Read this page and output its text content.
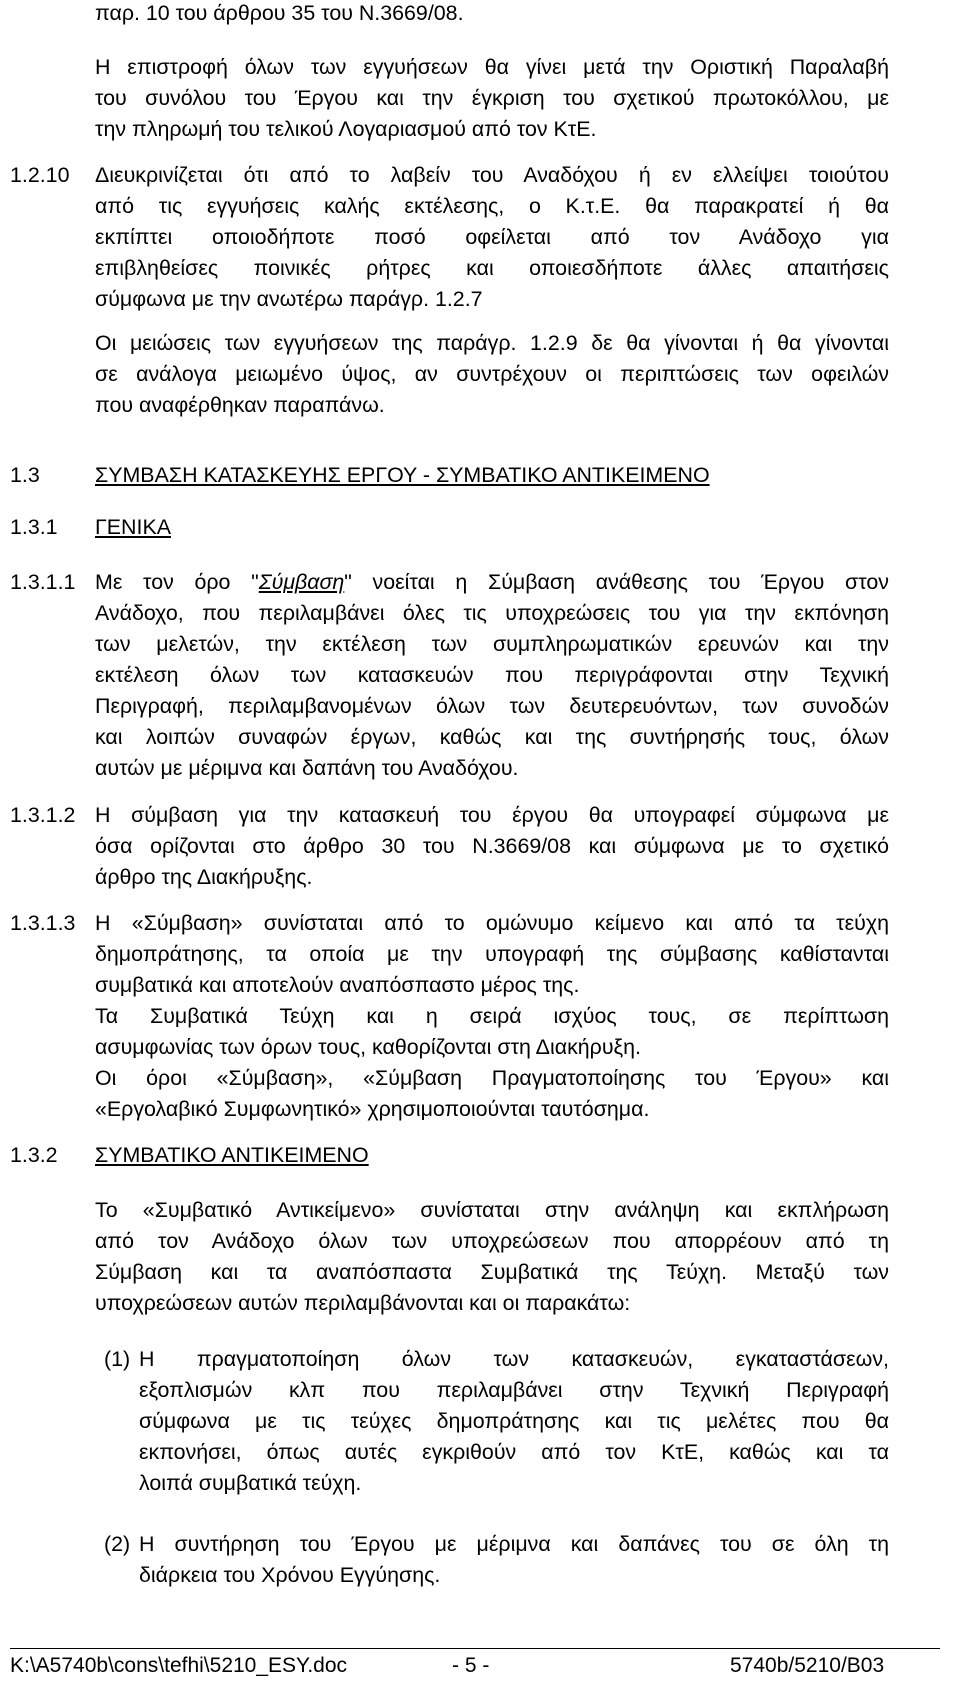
παρ. 10 του άρθρου 35 του Ν.3669/08.
Η επιστροφή όλων των εγγυήσεων θα γίνει μετά την Οριστική Παραλαβή
του συνόλου του Έργου και την έγκριση του σχετικού πρωτοκόλλου, με
την πληρωμή του τελικού Λογαριασμού από τον ΚτΕ.
1.2.10 Διευκρινίζεται ότι από το λαβείν του Αναδόχου ή εν ελλείψει τοιούτου
από τις εγγυήσεις καλής εκτέλεσης, ο Κ.τ.Ε. θα παρακρατεί ή θα
εκπίπτει οποιοδήποτε ποσό οφείλεται από τον Ανάδοχο για
επιβληθείσες ποινικές ρήτρες και οποιεσδήποτε άλλες απαιτήσεις
σύμφωνα με την ανωτέρω παράγρ. 1.2.7
Οι μειώσεις των εγγυήσεων της παράγρ. 1.2.9 δε θα γίνονται ή θα γίνονται
σε ανάλογα μειωμένο ύψος, αν συντρέχουν οι περιπτώσεις των οφειλών
που αναφέρθηκαν παραπάνω.
1.3	ΣΥΜΒΑΣΗ ΚΑΤΑΣΚΕΥΗΣ ΕΡΓΟΥ - ΣΥΜΒΑΤΙΚΟ ΑΝΤΙΚΕΙΜΕΝΟ
1.3.1 ΓΕΝΙΚΑ
1.3.1.1 Με τον όρο "Σύμβαση" νοείται η Σύμβαση ανάθεσης του Έργου στον
Ανάδοχο, που περιλαμβάνει όλες τις υποχρεώσεις του για την εκπόνηση
των μελετών, την εκτέλεση των συμπληρωματικών ερευνών και την
εκτέλεση όλων των κατασκευών που περιγράφονται στην Τεχνική
Περιγραφή, περιλαμβανομένων όλων των δευτερευόντων, των συνοδών
και λοιπών συναφών έργων, καθώς και της συντήρησής τους, όλων
αυτών με μέριμνα και δαπάνη του Αναδόχου.
1.3.1.2 Η σύμβαση για την κατασκευή του έργου θα υπογραφεί σύμφωνα με
όσα ορίζονται στο άρθρο 30 του Ν.3669/08 και σύμφωνα με το σχετικό
άρθρο της Διακήρυξης.
1.3.1.3 Η «Σύμβαση» συνίσταται από το ομώνυμο κείμενο και από τα τεύχη
δημοπράτησης, τα οποία με την υπογραφή της σύμβασης καθίστανται
συμβατικά και αποτελούν αναπόσπαστο μέρος της.
Τα Συμβατικά Τεύχη και η σειρά ισχύος τους, σε περίπτωση
ασυμφωνίας των όρων τους, καθορίζονται στη Διακήρυξη.
Οι όροι «Σύμβαση», «Σύμβαση Πραγματοποίησης του Έργου» και
«Εργολαβικό Συμφωνητικό» χρησιμοποιούνται ταυτόσημα.
1.3.2 ΣΥΜΒΑΤΙΚΟ ΑΝΤΙΚΕΙΜΕΝΟ
Το «Συμβατικό Αντικείμενο» συνίσταται στην ανάληψη και εκπλήρωση
από τον Ανάδοχο όλων των υποχρεώσεων που απορρέουν από τη
Σύμβαση και τα αναπόσπαστα Συμβατικά της Τεύχη. Μεταξύ των
υποχρεώσεων αυτών περιλαμβάνονται και οι παρακάτω:
(1) Η πραγματοποίηση όλων των κατασκευών, εγκαταστάσεων,
εξοπλισμών κλπ που περιλαμβάνει στην Τεχνική Περιγραφή
σύμφωνα με τις τεύχες δημοπράτησης και τις μελέτες που θα
εκπονήσει, όπως αυτές εγκριθούν από τον ΚτΕ, καθώς και τα
λοιπά συμβατικά τεύχη.
(2) Η συντήρηση του Έργου με μέριμνα και δαπάνες του σε όλη τη
διάρκεια του Χρόνου Εγγύησης.
K:\A5740b\cons\tefhi\5210_ESY.doc	- 5 -	5740b/5210/B03
